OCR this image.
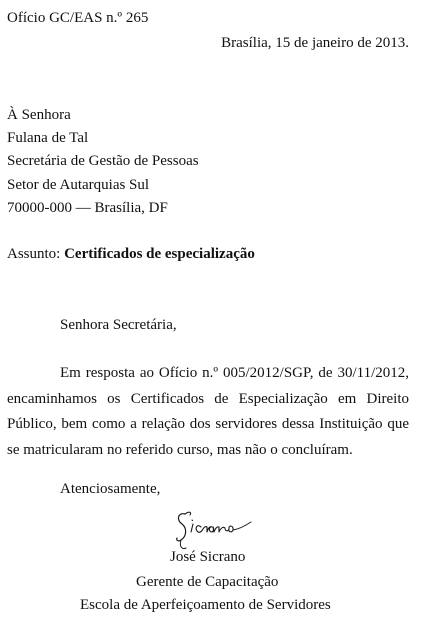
Ofício GC/EAS n.º 265
Brasília, 15 de janeiro de 2013.
À Senhora
Fulana de Tal
Secretária de Gestão de Pessoas
Setor de Autarquias Sul
70000-000 — Brasília, DF
Assunto: Certificados de especialização
Senhora Secretária,
Em resposta ao Ofício n.º 005/2012/SGP, de 30/11/2012, encaminhamos os Certificados de Especialização em Direito Público, bem como a relação dos servidores dessa Instituição que se matricularam no referido curso, mas não o concluíram.
Atenciosamente,
José Sicrano
Gerente de Capacitação
Escola de Aperfeiçoamento de Servidores
